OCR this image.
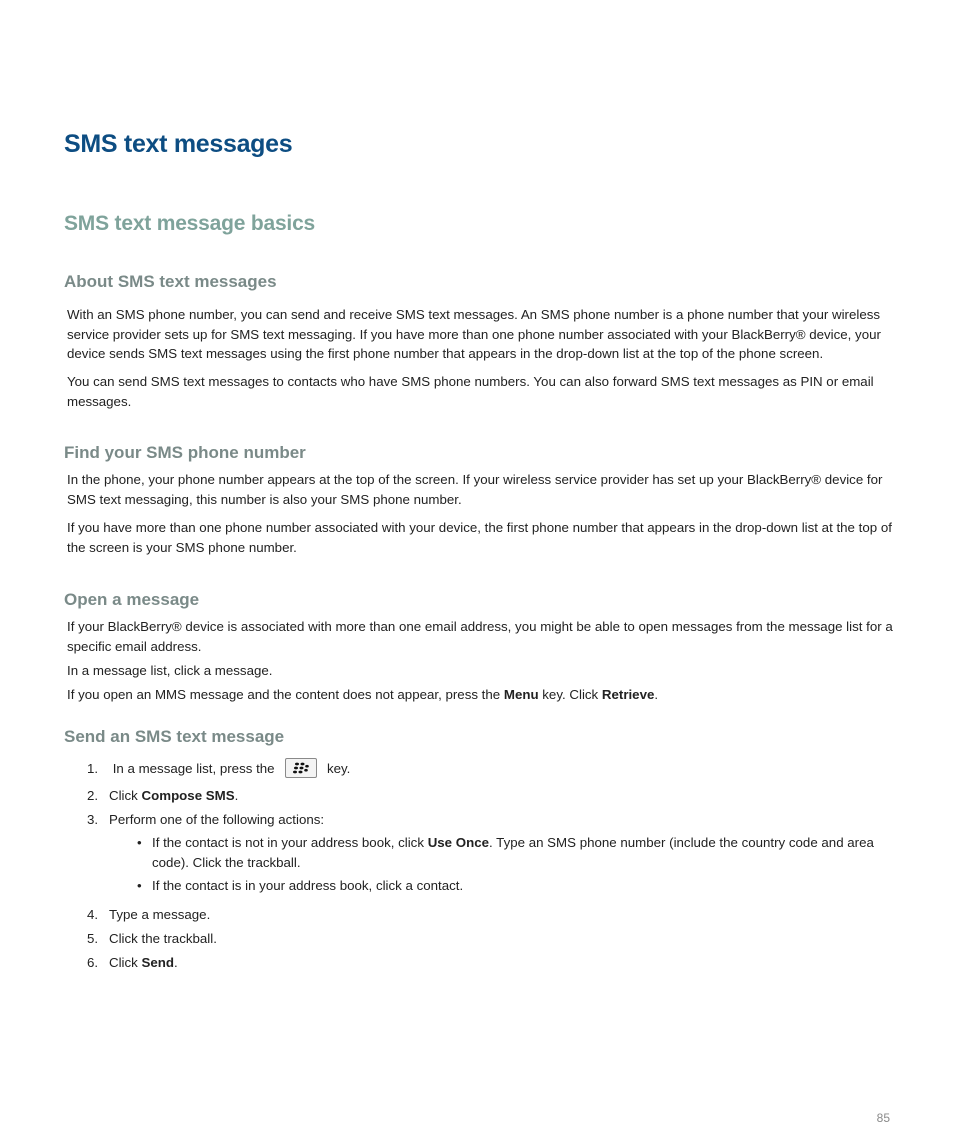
SMS text messages
SMS text message basics
About SMS text messages

With an SMS phone number, you can send and receive SMS text messages. An SMS phone number is a phone number that your wireless service provider sets up for SMS text messaging. If you have more than one phone number associated with your BlackBerry® device, your device sends SMS text messages using the first phone number that appears in the drop-down list at the top of the phone screen.

You can send SMS text messages to contacts who have SMS phone numbers. You can also forward SMS text messages as PIN or email messages.

Find your SMS phone number

In the phone, your phone number appears at the top of the screen. If your wireless service provider has set up your BlackBerry® device for SMS text messaging, this number is also your SMS phone number.

If you have more than one phone number associated with your device, the first phone number that appears in the drop-down list at the top of the screen is your SMS phone number.

Open a message

If your BlackBerry® device is associated with more than one email address, you might be able to open messages from the message list for a specific email address.

In a message list, click a message.

If you open an MMS message and the content does not appear, press the Menu key. Click Retrieve.

Send an SMS text message
1. In a message list, press the	key.
2. Click Compose SMS.
3. Perform one of the following actions:
• If the contact is not in your address book, click Use Once. Type an SMS phone number (include the country code and area code). Click the trackball.
• If the contact is in your address book, click a contact.
4. Type a message.
5. Click the trackball.
6. Click Send.
85
